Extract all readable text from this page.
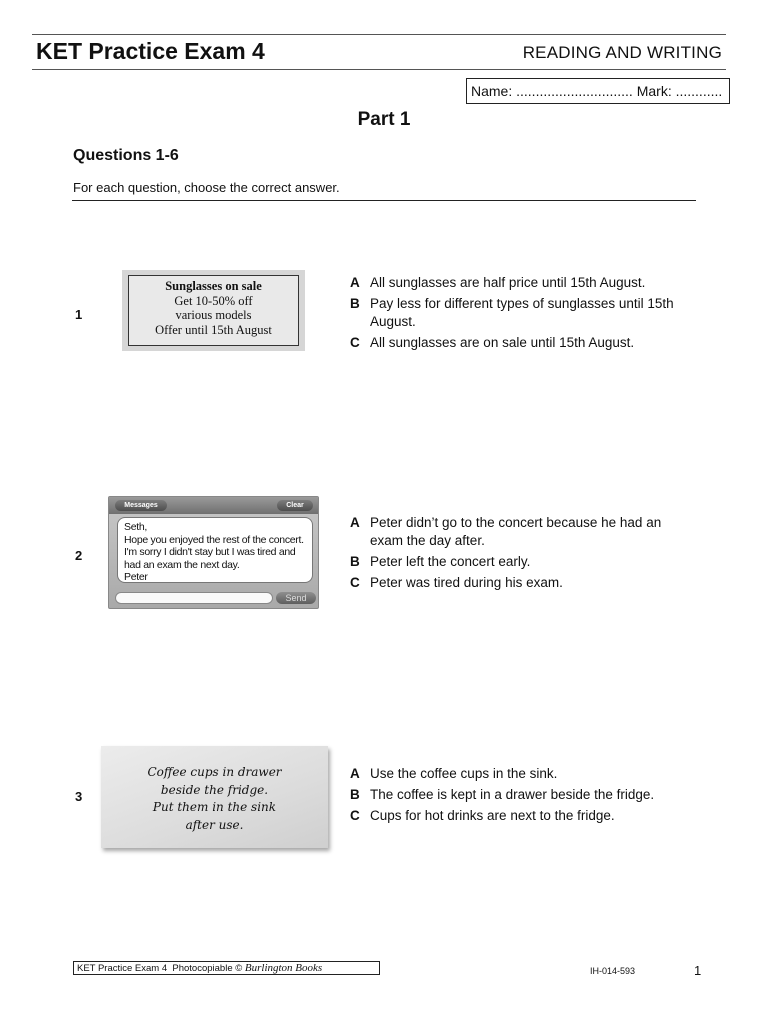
KET Practice Exam 4	READING AND WRITING
Name: .............................. Mark: ............
Part 1
Questions 1-6
For each question, choose the correct answer.
1
Sunglasses on sale
Get 10-50% off
various models
Offer until 15th August
A All sunglasses are half price until 15th August.
B Pay less for different types of sunglasses until 15th August.
C All sunglasses are on sale until 15th August.
2
Messages	Clear
Seth,
Hope you enjoyed the rest of the concert.
I'm sorry I didn't stay but I was tired and
had an exam the next day.
Peter
Send
A Peter didn’t go to the concert because he had an exam the day after.
B Peter left the concert early.
C Peter was tired during his exam.
3
Coffee cups in drawer
beside the fridge.
Put them in the sink
after use.
A Use the coffee cups in the sink.
B The coffee is kept in a drawer beside the fridge.
C Cups for hot drinks are next to the fridge.
KET Practice Exam 4 Photocopiable © Burlington Books	IH-014-593	1
